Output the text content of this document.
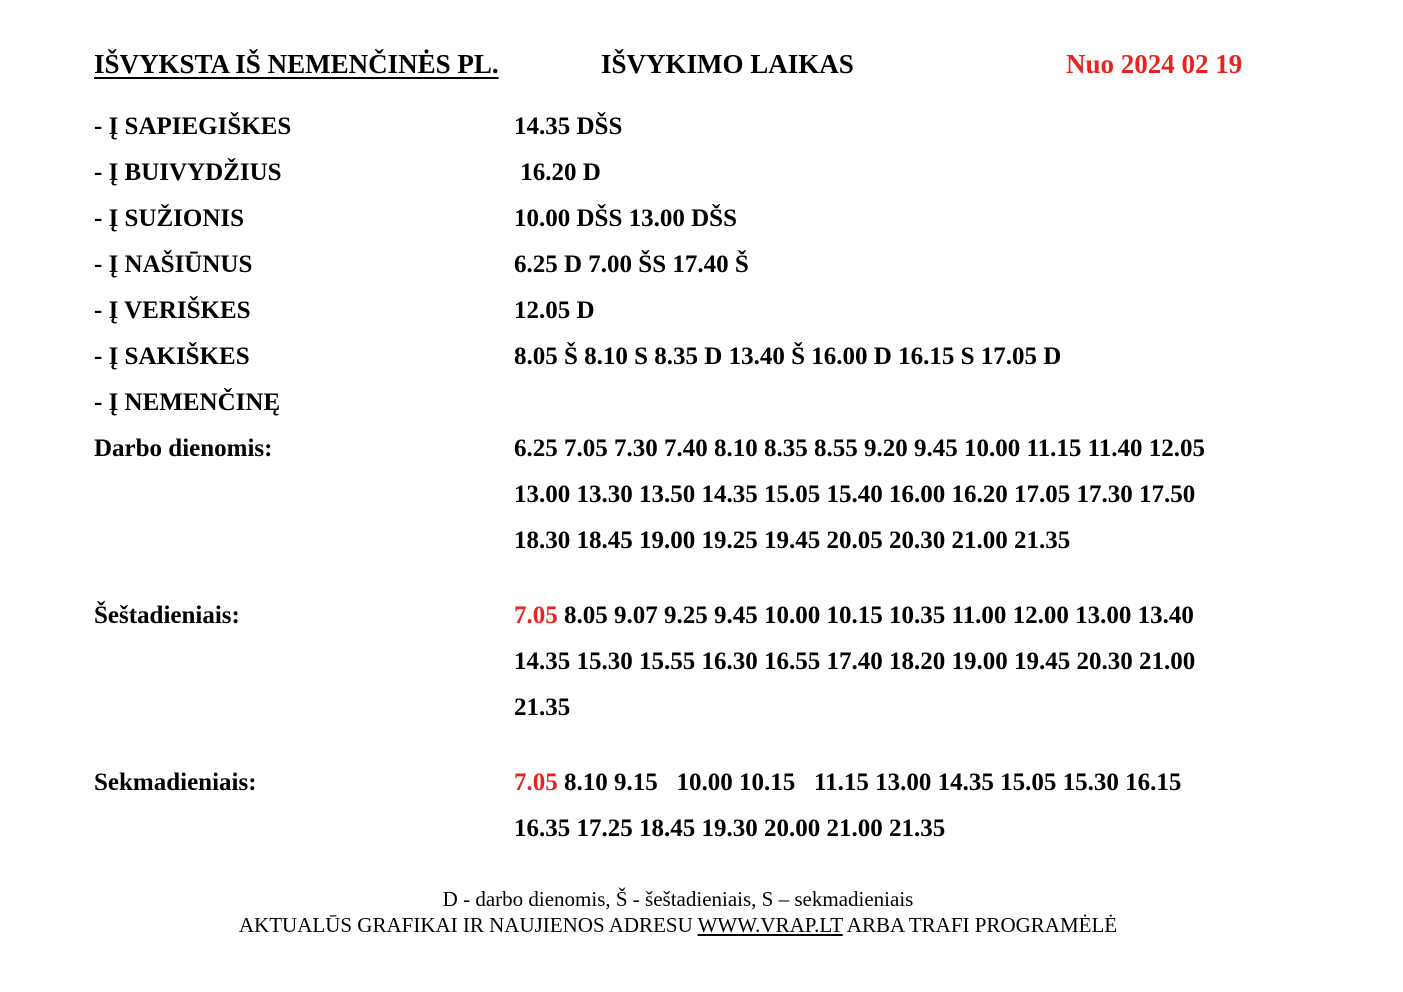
IŠVYKSTA IŠ NEMENČINĖS PL.	IŠVYKIMO LAIKAS	Nuo 2024 02 19
- Į SAPIEGIŠKES	14.35 DŠS
- Į BUIVYDŽIUS	16.20 D
- Į SUŽIONIS	10.00 DŠS 13.00 DŠS
- Į NAŠIŪNUS	6.25 D 7.00 ŠS 17.40 Š
- Į VERIŠKES	12.05 D
- Į SAKIŠKES	8.05 Š 8.10 S 8.35 D 13.40 Š 16.00 D 16.15 S 17.05 D
- Į NEMENČINĘ
Darbo dienomis:	6.25 7.05 7.30 7.40 8.10 8.35 8.55 9.20 9.45 10.00 11.15 11.40 12.05
13.00 13.30 13.50 14.35 15.05 15.40 16.00 16.20 17.05 17.30 17.50
18.30 18.45 19.00 19.25 19.45 20.05 20.30 21.00 21.35
Šeštadieniais:	7.05 8.05 9.07 9.25 9.45 10.00 10.15 10.35 11.00 12.00 13.00 13.40
14.35 15.30 15.55 16.30 16.55 17.40 18.20 19.00 19.45 20.30 21.00
21.35
Sekmadieniais:	7.05 8.10 9.15   10.00 10.15   11.15 13.00 14.35 15.05 15.30 16.15
16.35 17.25 18.45 19.30 20.00 21.00 21.35
D - darbo dienomis, Š - šeštadieniais, S – sekmadieniais
AKTUALŪS GRAFIKAI IR NAUJIENOS ADRESU WWW.VRAP.LT ARBA TRAFI PROGRAMĖLĖ
